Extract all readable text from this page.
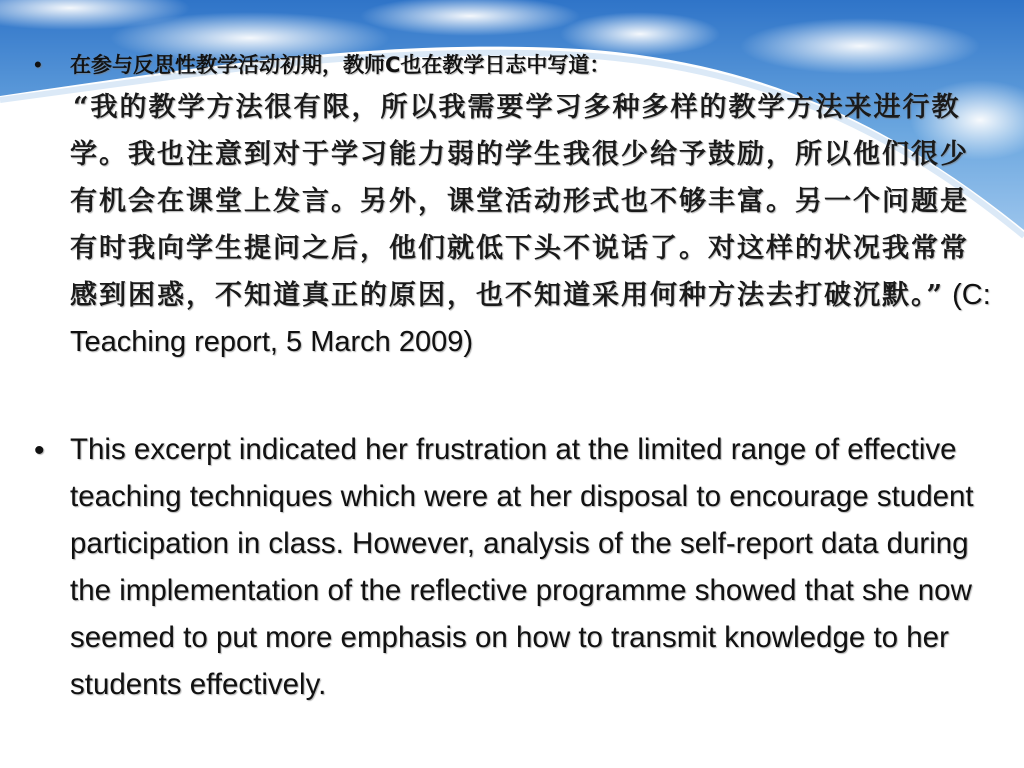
• 在参与反思性教学活动初期，教师C也在教学日志中写道：
“我的教学方法很有限，所以我需要学习多种多样的教学方法来进行教学。我也注意到对于学习能力弱的学生我很少给予鼓励，所以他们很少有机会在课堂上发言。另外，课堂活动形式也不够丰富。另一个问题是有时我向学生提问之后，他们就低下头不说话了。对这样的状况我常常感到困惑，不知道真正的原因，也不知道采用何种方法去打破沉默。” (C: Teaching report, 5 March 2009)
• This excerpt indicated her frustration at the limited range of effective teaching techniques which were at her disposal to encourage student participation in class. However, analysis of the self-report data during the implementation of the reflective programme showed that she now seemed to put more emphasis on how to transmit knowledge to her students effectively.
